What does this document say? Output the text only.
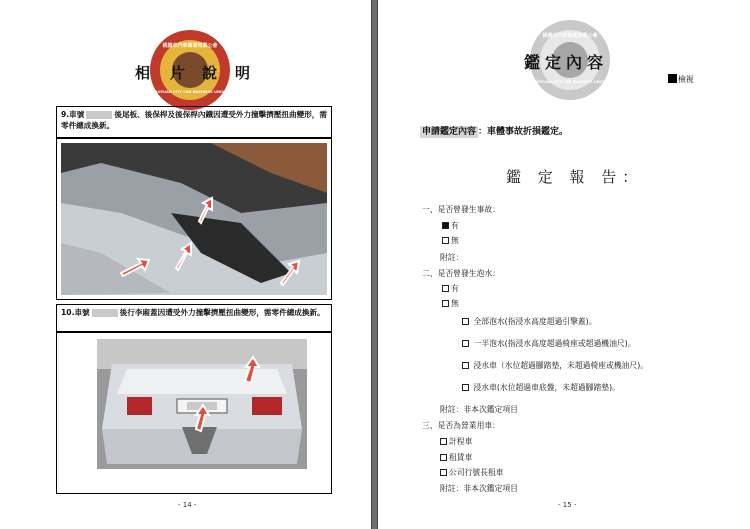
桃園市汽車商業同業公會
TAOYUAN CITY CAR BUSINESS UNION
相 片 說 明
9.車號	後尾板、後保桿及後保桿內鐵因遭受外力撞擊擠壓扭曲變形，需零件總成換新。
10.車號	後行李廂蓋因遭受外力撞擊擠壓扭曲變形，需零件總成換新。
- 14 -
桃園市汽車商業同業公會
TAOYUAN CITY CAR BUSINESS UNION
鑑定內容
檢視
申請鑑定內容 ：車體事故折損鑑定。
鑑 定 報 告：
一、是否曾發生事故：
有
無
附註：
二、是否曾發生泡水：
有
無
全部泡水(指浸水高度超過引擎蓋)。
一半泡水(指浸水高度超過椅座或超過機油尺)。
浸水車（水位超過腳踏墊，未超過椅座或機油尺)。
浸水車(水位超過車底盤，未超過腳踏墊)。
附註：非本次鑑定項目
三、是否為營業用車：
計程車
租賃車
公司行號長租車
附註：非本次鑑定項目
- 15 -
